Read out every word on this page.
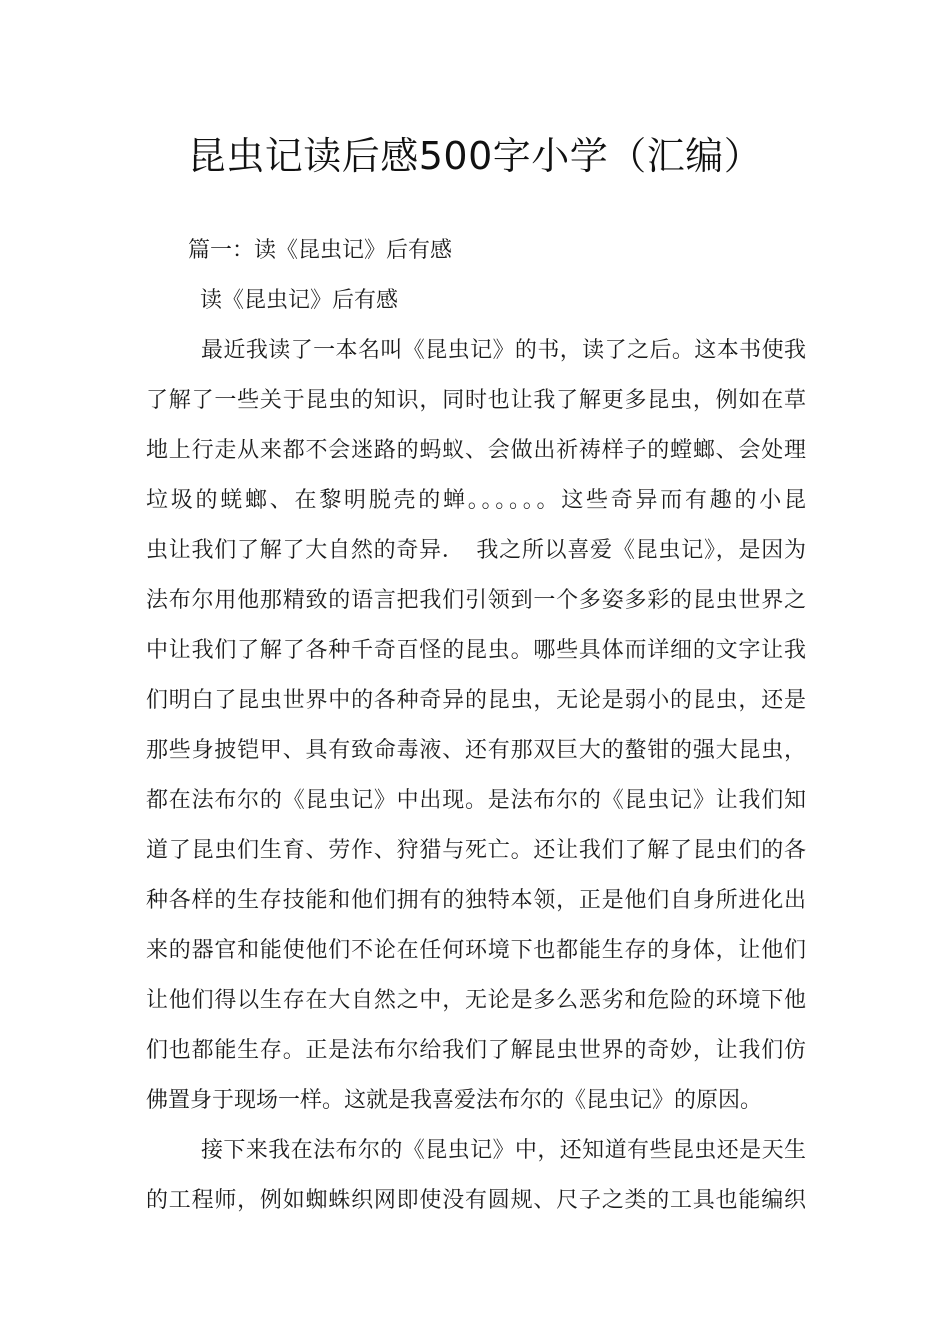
昆虫记读后感500字小学（汇编）
篇一：读《昆虫记》后有感
读《昆虫记》后有感
最近我读了一本名叫《昆虫记》的书，读了之后。这本书使我
了解了一些关于昆虫的知识，同时也让我了解更多昆虫，例如在草
地上行走从来都不会迷路的蚂蚁、会做出祈祷样子的螳螂、会处理
垃圾的蜣螂、在黎明脱壳的蝉。。。。。。这些奇异而有趣的小昆
虫让我们了解了大自然的奇异．　我之所以喜爱《昆虫记》，是因为
法布尔用他那精致的语言把我们引领到一个多姿多彩的昆虫世界之
中让我们了解了各种千奇百怪的昆虫。哪些具体而详细的文字让我
们明白了昆虫世界中的各种奇异的昆虫，无论是弱小的昆虫，还是
那些身披铠甲、具有致命毒液、还有那双巨大的螯钳的强大昆虫，
都在法布尔的《昆虫记》中出现。是法布尔的《昆虫记》让我们知
道了昆虫们生育、劳作、狩猎与死亡。还让我们了解了昆虫们的各
种各样的生存技能和他们拥有的独特本领，正是他们自身所进化出
来的器官和能使他们不论在任何环境下也都能生存的身体，让他们
让他们得以生存在大自然之中，无论是多么恶劣和危险的环境下他
们也都能生存。正是法布尔给我们了解昆虫世界的奇妙，让我们仿
佛置身于现场一样。这就是我喜爱法布尔的《昆虫记》的原因。
接下来我在法布尔的《昆虫记》中，还知道有些昆虫还是天生
的工程师，例如蜘蛛织网即使没有圆规、尺子之类的工具也能编织
